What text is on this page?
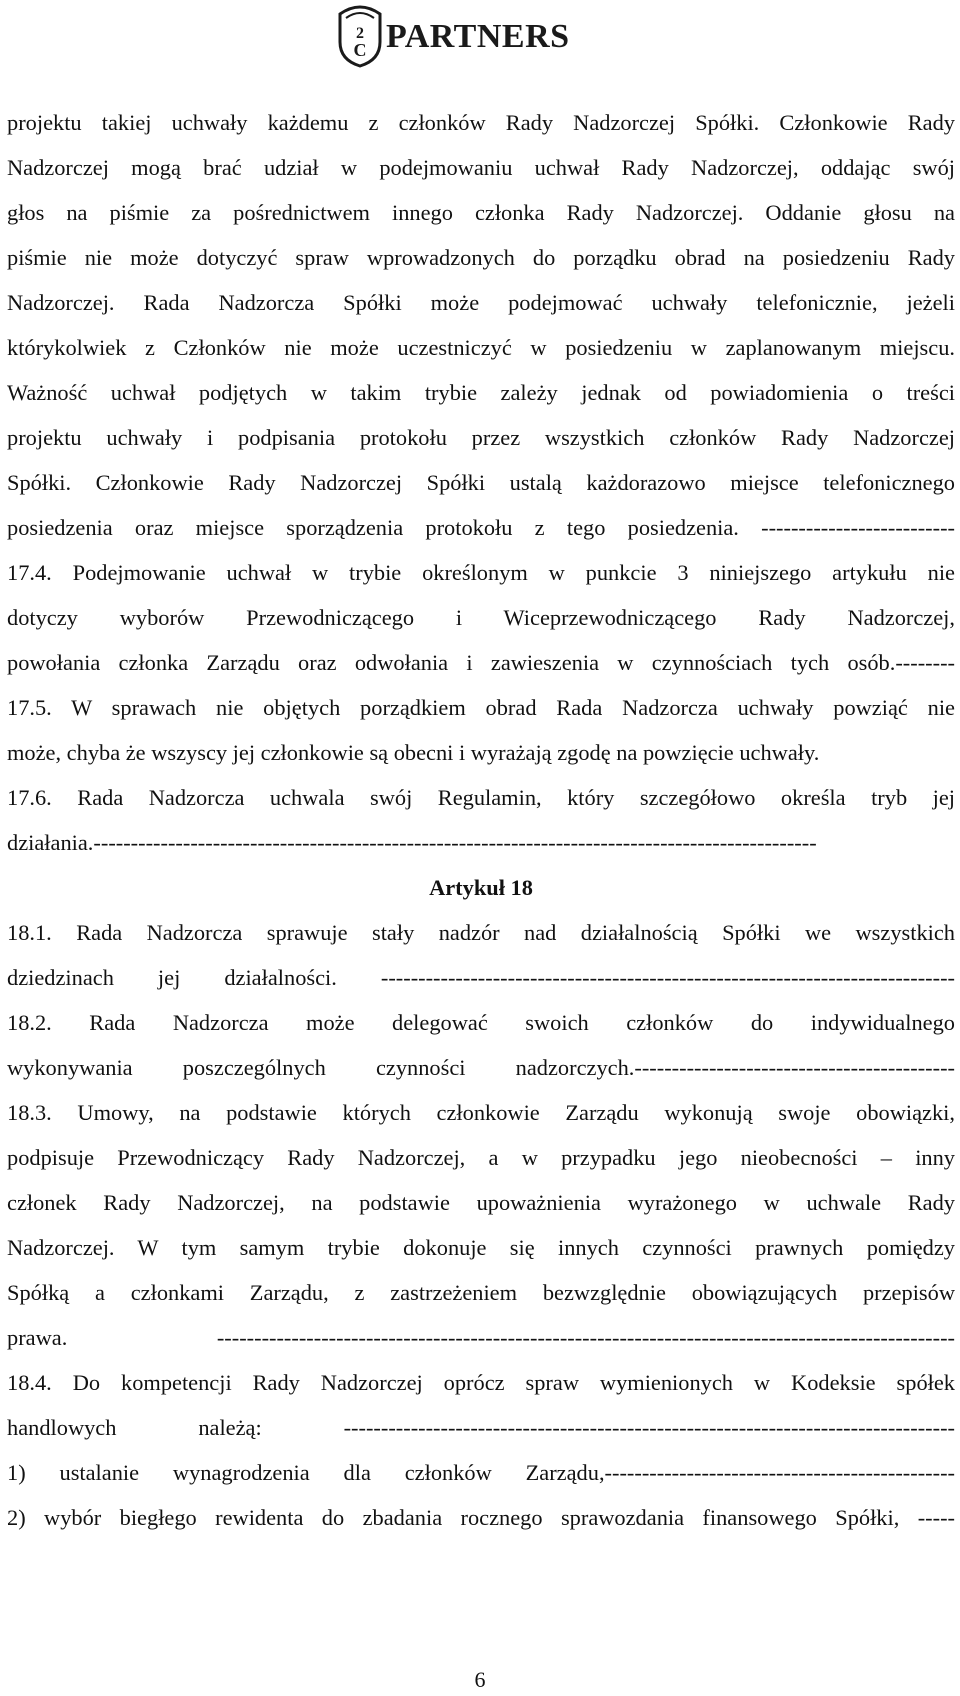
2
C PARTNERS
projektu takiej uchwały każdemu z członków Rady Nadzorczej Spółki. Członkowie Rady
Nadzorczej mogą brać udział w podejmowaniu uchwał Rady Nadzorczej, oddając swój
głos na piśmie za pośrednictwem innego członka Rady Nadzorczej. Oddanie głosu na
piśmie nie może dotyczyć spraw wprowadzonych do porządku obrad na posiedzeniu Rady
Nadzorczej. Rada Nadzorcza Spółki może podejmować uchwały telefonicznie, jeżeli
którykolwiek z Członków nie może uczestniczyć w posiedzeniu w zaplanowanym miejscu.
Ważność uchwał podjętych w takim trybie zależy jednak od powiadomienia o treści
projektu uchwały i podpisania protokołu przez wszystkich członków Rady Nadzorczej
Spółki. Członkowie Rady Nadzorczej Spółki ustalą każdorazowo miejsce telefonicznego
posiedzenia oraz miejsce sporządzenia protokołu z tego posiedzenia. --------------------------
17.4. Podejmowanie uchwał w trybie określonym w punkcie 3 niniejszego artykułu nie
dotyczy wyborów Przewodniczącego i Wiceprzewodniczącego Rady Nadzorczej,
powołania członka Zarządu oraz odwołania i zawieszenia w czynnościach tych osób.--------
17.5. W sprawach nie objętych porządkiem obrad Rada Nadzorcza uchwały powziąć nie
może, chyba że wszyscy jej członkowie są obecni i wyrażają zgodę na powzięcie uchwały.
17.6. Rada Nadzorcza uchwala swój Regulamin, który szczegółowo określa tryb jej
działania.-------------------------------------------------------------------------------------------------
Artykuł 18
18.1. Rada Nadzorcza sprawuje stały nadzór nad działalnością Spółki we wszystkich
dziedzinach jej działalności. -----------------------------------------------------------------------------
18.2. Rada Nadzorcza może delegować swoich członków do indywidualnego
wykonywania poszczególnych czynności nadzorczych.-------------------------------------------
18.3. Umowy, na podstawie których członkowie Zarządu wykonują swoje obowiązki,
podpisuje Przewodniczący Rady Nadzorczej, a w przypadku jego nieobecności – inny
członek Rady Nadzorczej, na podstawie upoważnienia wyrażonego w uchwale Rady
Nadzorczej. W tym samym trybie dokonuje się innych czynności prawnych pomiędzy
Spółką a członkami Zarządu, z zastrzeżeniem bezwzględnie obowiązujących przepisów
prawa. ---------------------------------------------------------------------------------------------------
18.4. Do kompetencji Rady Nadzorczej oprócz spraw wymienionych w Kodeksie spółek
handlowych należą: ----------------------------------------------------------------------------------
1) ustalanie wynagrodzenia dla członków Zarządu,-----------------------------------------------
2) wybór biegłego rewidenta do zbadania rocznego sprawozdania finansowego Spółki, -----
6
